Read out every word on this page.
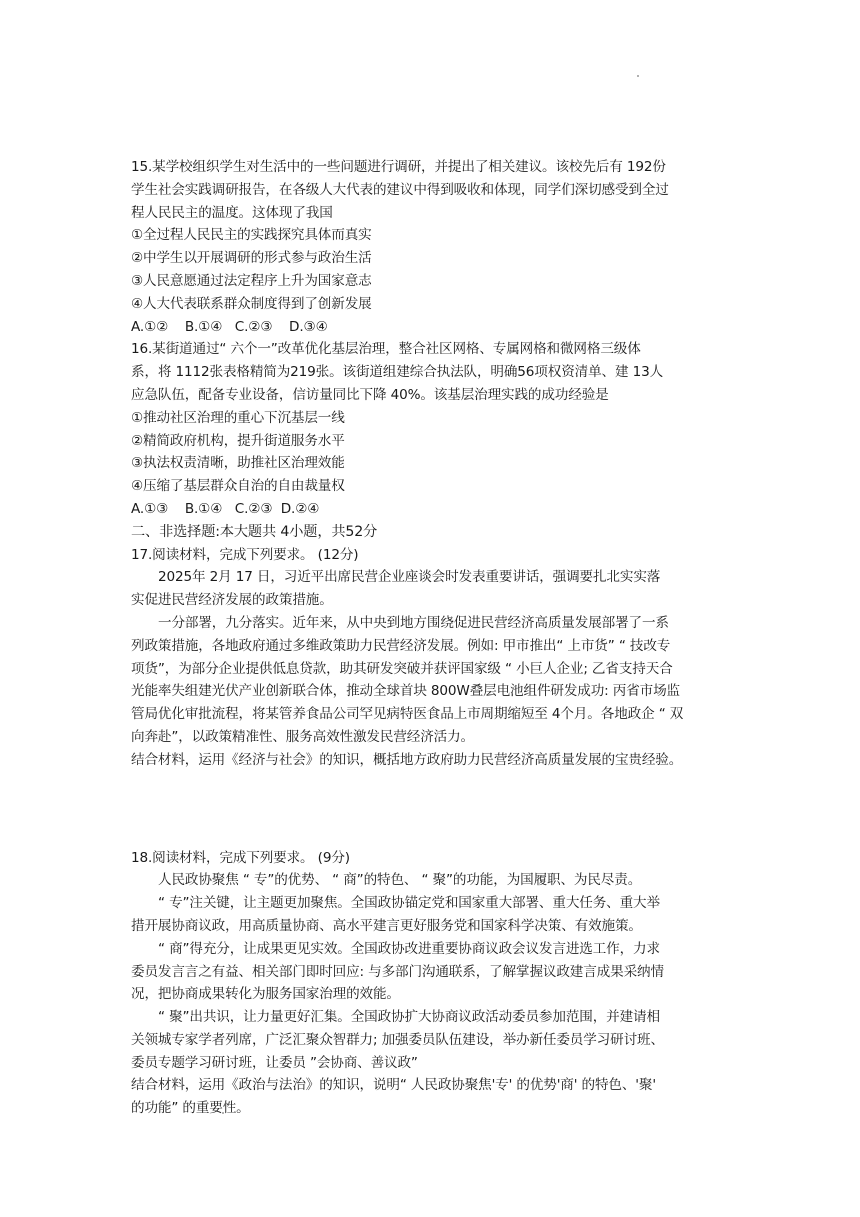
15.某学校组织学生对生活中的一些问题进行调研，并提出了相关建议。该校先后有 192份
学生社会实践调研报告，在各级人大代表的建议中得到吸收和体现，同学们深切感受到全过
程人民民主的温度。这体现了我国
①全过程人民民主的实践探究具体而真实
②中学生以开展调研的形式参与政治生活
③人民意愿通过法定程序上升为国家意志
④人大代表联系群众制度得到了创新发展
A.①②    B.①④   C.②③    D.③④
16.某街道通过“ 六个一”改革优化基层治理，整合社区网格、专属网格和微网格三级体
系，将 1112张表格精简为219张。该街道组建综合执法队，明确56项权资清单、建 13人
应急队伍，配备专业设备，信访量同比下降 40%。该基层治理实践的成功经验是
①推动社区治理的重心下沉基层一线
②精简政府机构，提升街道服务水平
③执法权责清晰，助推社区治理效能
④压缩了基层群众自治的自由裁量权
A.①③    B.①④   C.②③  D.②④
二、非选择题:本大题共 4小题，共52分
17.阅读材料，完成下列要求。 (12分)
2025年 2月 17 日，习近平出席民营企业座谈会时发表重要讲话，强调要扎北实实落
实促进民营经济发展的政策措施。
一分部署，九分落实。近年来，从中央到地方围绕促进民营经济高质量发展部署了一系
列政策措施，各地政府通过多维政策助力民营经济发展。例如: 甲市推出“ 上市货” “ 技改专
项货”，为部分企业提供低息贷款，助其研发突破并获评国家级 “ 小巨人企业; 乙省支持天合
光能率失组建光伏产业创新联合体，推动全球首块 800W叠层电池组件研发成功: 丙省市场监
管局优化审批流程，将某管养食品公司罕见病特医食品上市周期缩短至 4个月。各地政企 “ 双
向奔赴”，以政策精准性、服务高效性激发民营经济活力。
结合材料，运用《经济与社会》的知识，概括地方政府助力民营经济高质量发展的宝贵经验。
18.阅读材料，完成下列要求。 (9分)
人民政协聚焦 “ 专”的优势、 “ 商”的特色、 “ 聚”的功能，为国履职、为民尽责。
“ 专”注关键，让主题更加聚焦。全国政协锚定党和国家重大部署、重大任务、重大举
措开展协商议政，用高质量协商、高水平建言更好服务党和国家科学决策、有效施策。
“ 商”得充分，让成果更见实效。全国政协改进重要协商议政会议发言进选工作，力求
委员发言言之有益、相关部门即时回应: 与多部门沟通联系，了解掌握议政建言成果采纳情
况，把协商成果转化为服务国家治理的效能。
“ 聚”出共识，让力量更好汇集。全国政协扩大协商议政活动委员参加范围，并建请相
关领城专家学者列席，广泛汇聚众智群力; 加强委员队伍建设，举办新任委员学习研讨班、
委员专题学习研讨班，让委员 ”会协商、善议政”
结合材料，运用《政治与法治》的知识，说明“ 人民政协聚焦'专' 的优势'商' 的特色、'聚'
的功能” 的重要性。
